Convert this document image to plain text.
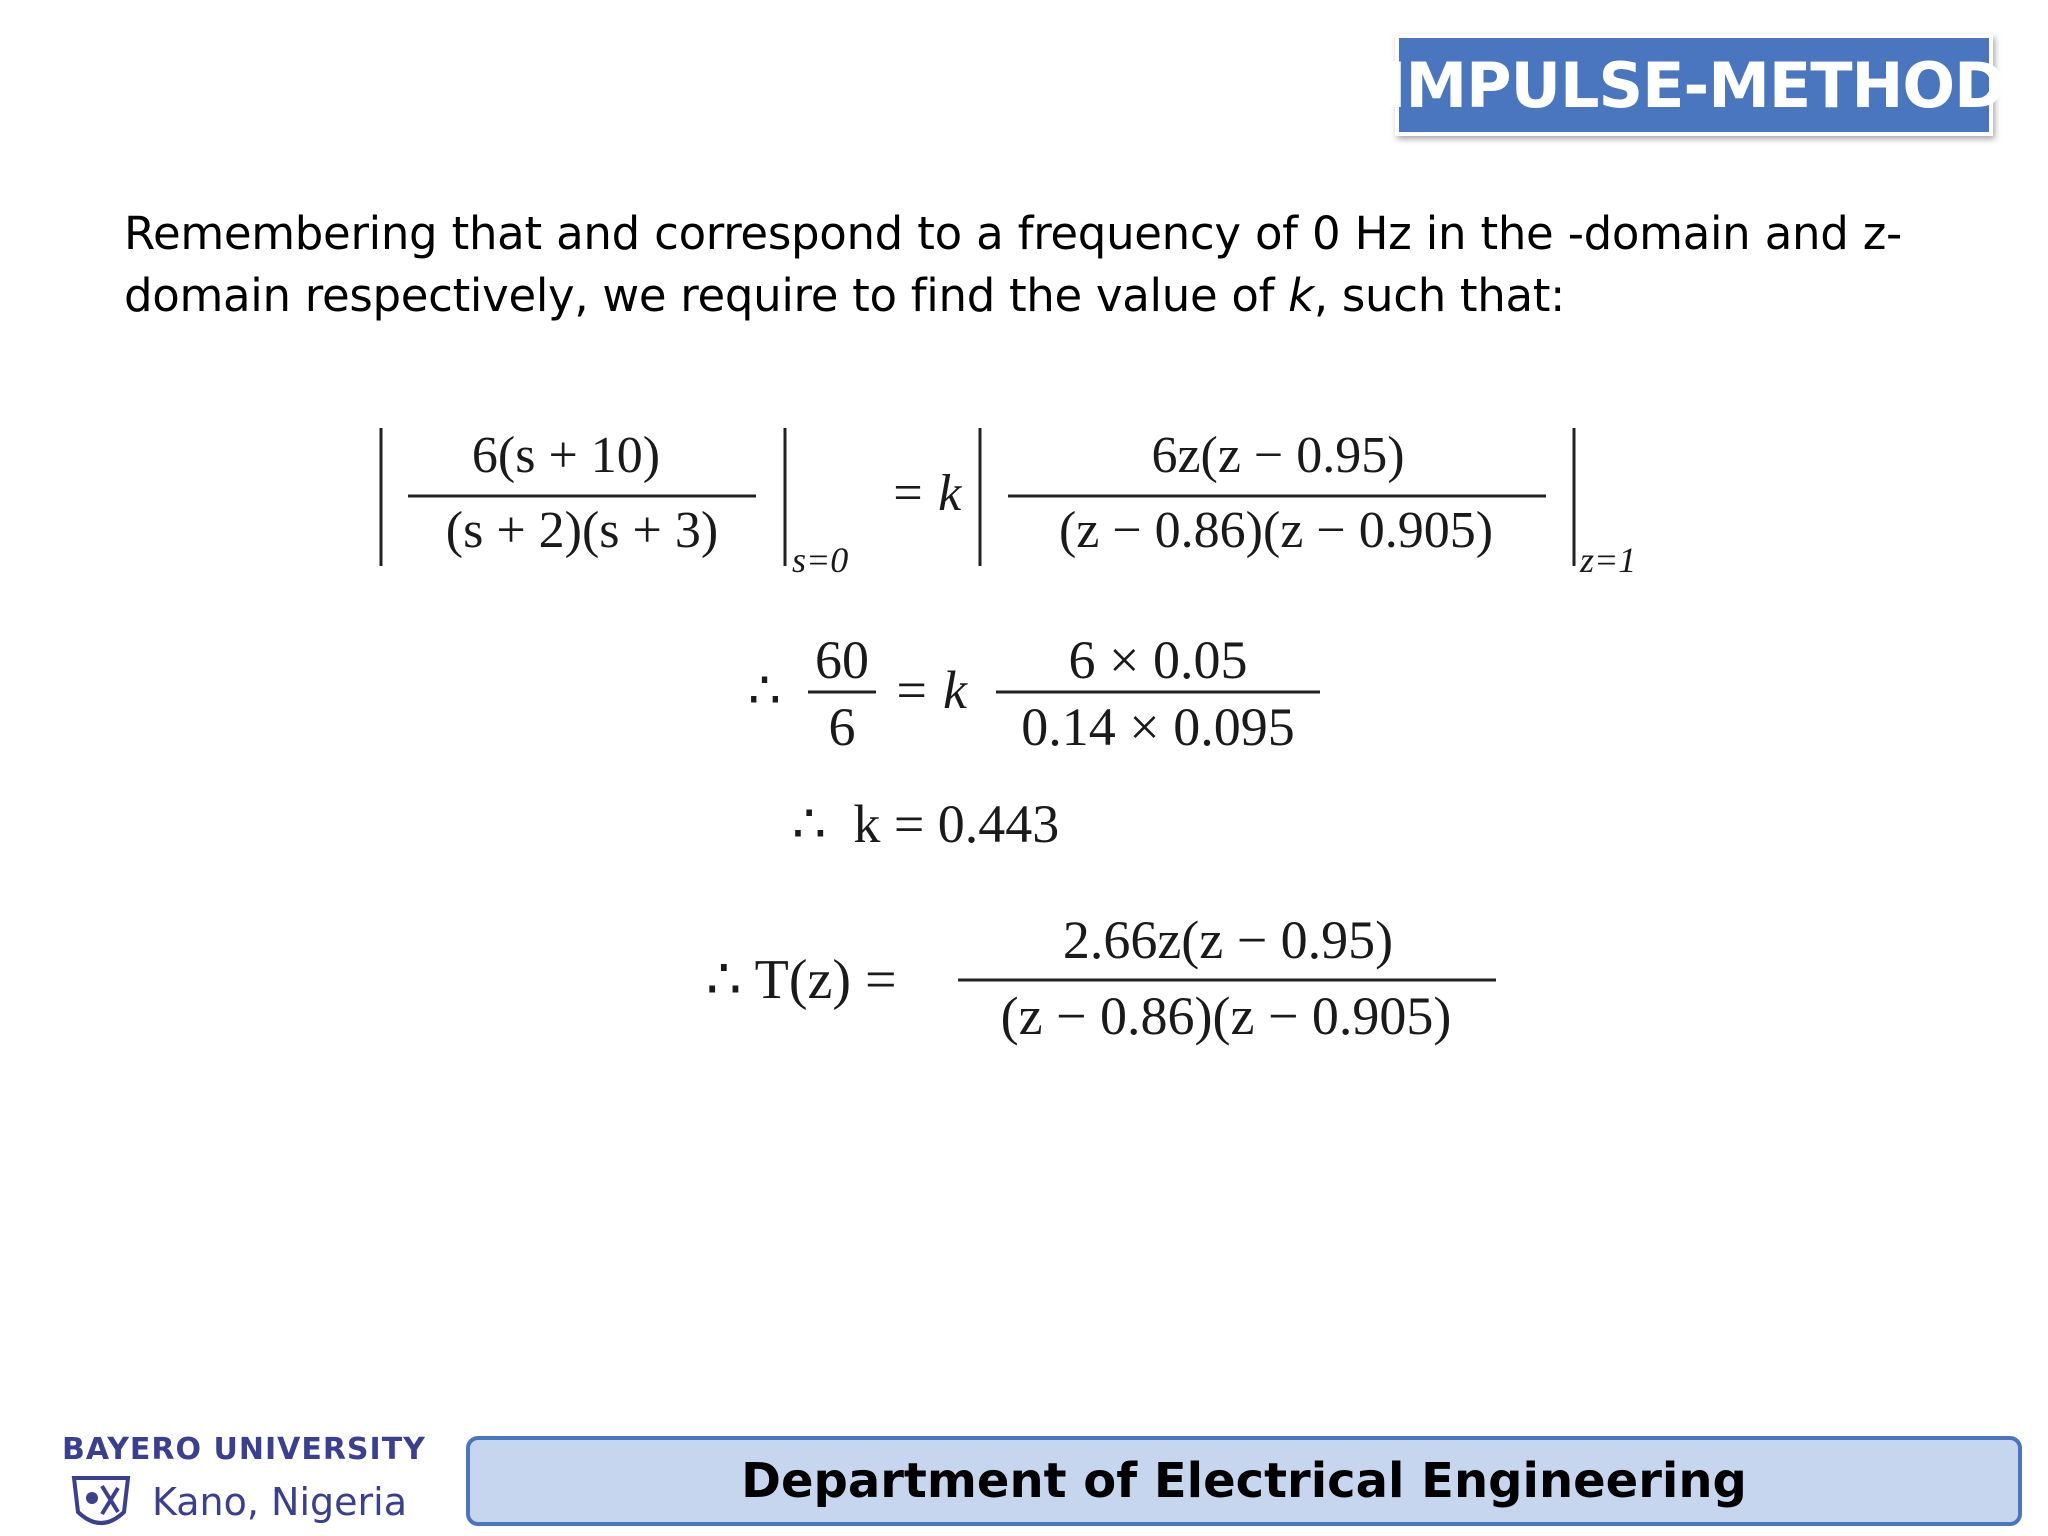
IMPULSE-METHOD
Remembering that and correspond to a frequency of 0 Hz in the -domain and z-domain respectively, we require to find the value of k, such that:
6(s + 10)
(s + 2)(s + 3)
s=0
= k
6z(z − 0.95)
(z − 0.86)(z − 0.905)
z=1
∴
60
6
= k 6 × 0.05
0.14 × 0.095
∴  k = 0.443
∴ T(z) =
2.66z(z − 0.95)
(z − 0.86)(z − 0.905)
BAYERO UNIVERSITY
Kano, Nigeria	Department of Electrical Engineering
